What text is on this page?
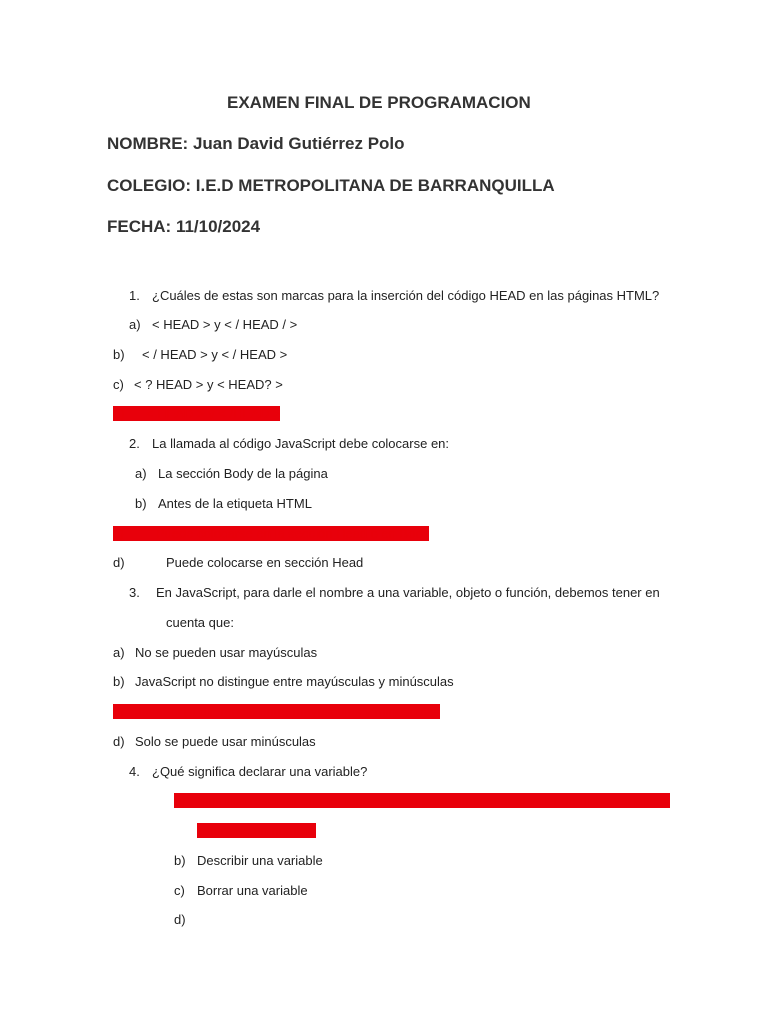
EXAMEN FINAL DE PROGRAMACION
NOMBRE: Juan David Gutiérrez Polo
COLEGIO: I.E.D METROPOLITANA DE BARRANQUILLA
FECHA: 11/10/2024
1. ¿Cuáles de estas son marcas para la inserción del código HEAD en las páginas HTML?
a) < HEAD > y < / HEAD / >
b) < / HEAD > y < / HEAD >
c) < ? HEAD > y < HEAD? >
d) < HEAD > y < /HEAD >
2. La llamada al código JavaScript debe colocarse en:
a) La sección Body de la página
b) Antes de la etiqueta HTML
c) Puede colocarse en la sección Head o en Body
d)	Puede colocarse en sección Head
3. En JavaScript, para darle el nombre a una variable, objeto o función, debemos tener en
cuenta que:
a) No se pueden usar mayúsculas
b) JavaScript no distingue entre mayúsculas y minúsculas
c) JavaScript diferencia entre mayúsculas y minúsculas
d) Solo se puede usar minúsculas
4. ¿Qué significa declarar una variable?
a) Significa reservar en memoria espacio para almacenar el valor de dicha variable y
asignarle un nombre
b) Describir una variable
c) Borrar una variable
d)
